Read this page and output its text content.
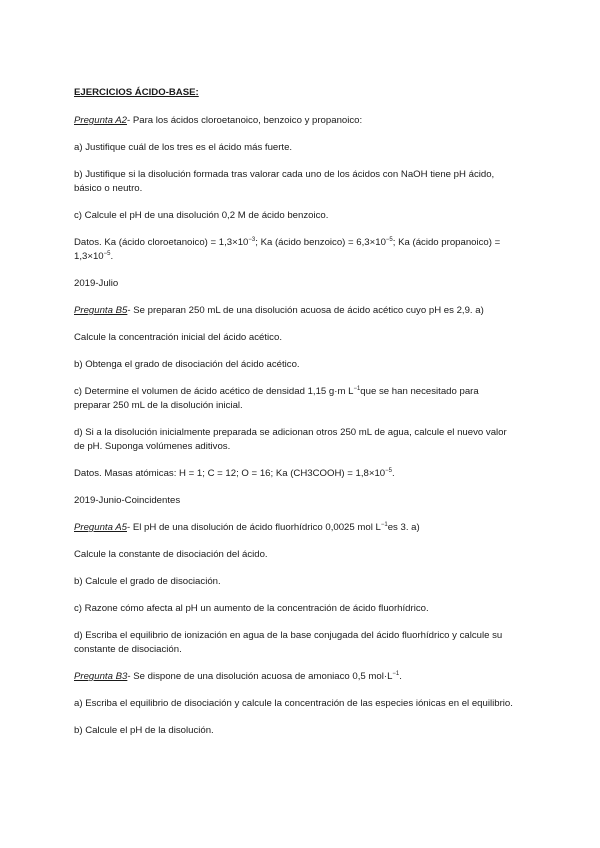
EJERCICIOS ÁCIDO-BASE:

Pregunta A2- Para los ácidos cloroetanoico, benzoico y propanoico:

a) Justifique cuál de los tres es el ácido más fuerte.

b) Justifique si la disolución formada tras valorar cada uno de los ácidos con NaOH tiene pH ácido, básico o neutro.

c) Calcule el pH de una disolución 0,2 M de ácido benzoico.

Datos. Ka (ácido cloroetanoico) = $1,3\times 10^{-3}$; Ka (ácido benzoico) = $6,3\times 10^{-5}$; Ka (ácido propanoico) = $1,3\times 10^{-5}$.

2019-Julio

Pregunta B5- Se preparan 250 mL de una disolución acuosa de ácido acético cuyo pH es 2,9. a)

Calcule la concentración inicial del ácido acético.

b) Obtenga el grado de disociación del ácido acético.

c) Determine el volumen de ácido acético de densidad 1,15 g·m $L^{-1}que$ se han necesitado para preparar 250 mL de la disolución inicial.

d) Si a la disolución inicialmente preparada se adicionan otros 250 mL de agua, calcule el nuevo valor de pH. Suponga volúmenes aditivos.

Datos. Masas atómicas: H = 1; C = 12; O = 16; Ka (CH3COOH) = $1,8\times 10^{-5}$.

2019-Junio-Coincidentes

Pregunta A5- El pH de una disolución de ácido fluorhídrico 0,0025 mol $L^{-1}es$ 3. a)

Calcule la constante de disociación del ácido.

b) Calcule el grado de disociación.

c) Razone cómo afecta al pH un aumento de la concentración de ácido fluorhídrico.

d) Escriba el equilibrio de ionización en agua de la base conjugada del ácido fluorhídrico y calcule su constante de disociación.

Pregunta B3- Se dispone de una disolución acuosa de amoniaco 0,5 $mol\cdot L^{-1}$.

a) Escriba el equilibrio de disociación y calcule la concentración de las especies iónicas en el equilibrio.

b) Calcule el pH de la disolución.
